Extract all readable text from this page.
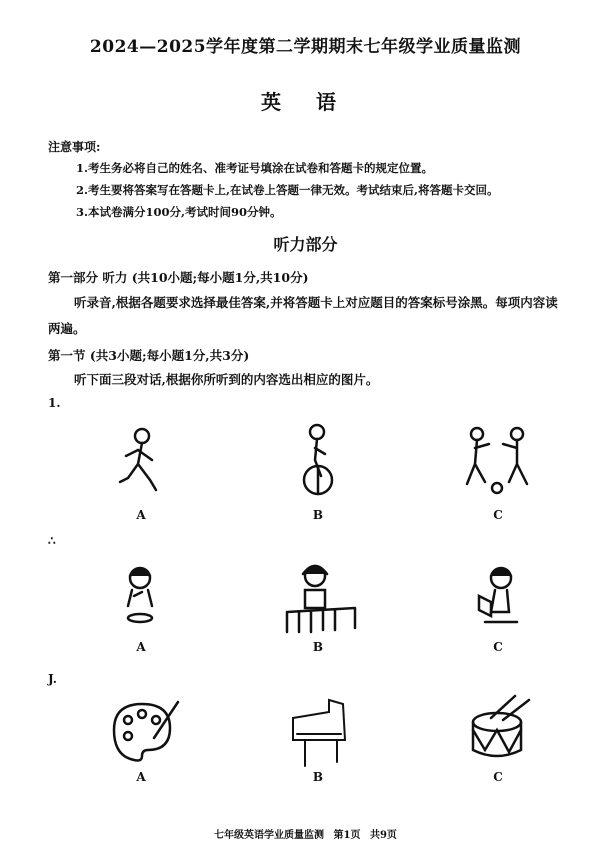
2024—2025学年度第二学期期末七年级学业质量监测
英 语
注意事项:
1.考生务必将自己的姓名、准考证号填涂在试卷和答题卡的规定位置。
2.考生要将答案写在答题卡上,在试卷上答题一律无效。考试结束后,将答题卡交回。
3.本试卷满分100分,考试时间90分钟。
听力部分
第一部分 听力 (共10小题;每小题1分,共10分)
听录音,根据各题要求选择最佳答案,并将答题卡上对应题目的答案标号涂黑。每项内容读两遍。
第一节 (共3小题;每小题1分,共3分)
听下面三段对话,根据你所听到的内容选出相应的图片。
1.
A	B	C
∴
A	B	C
J.
A	B	C
七年级英语学业质量监测 第1页 共9页
